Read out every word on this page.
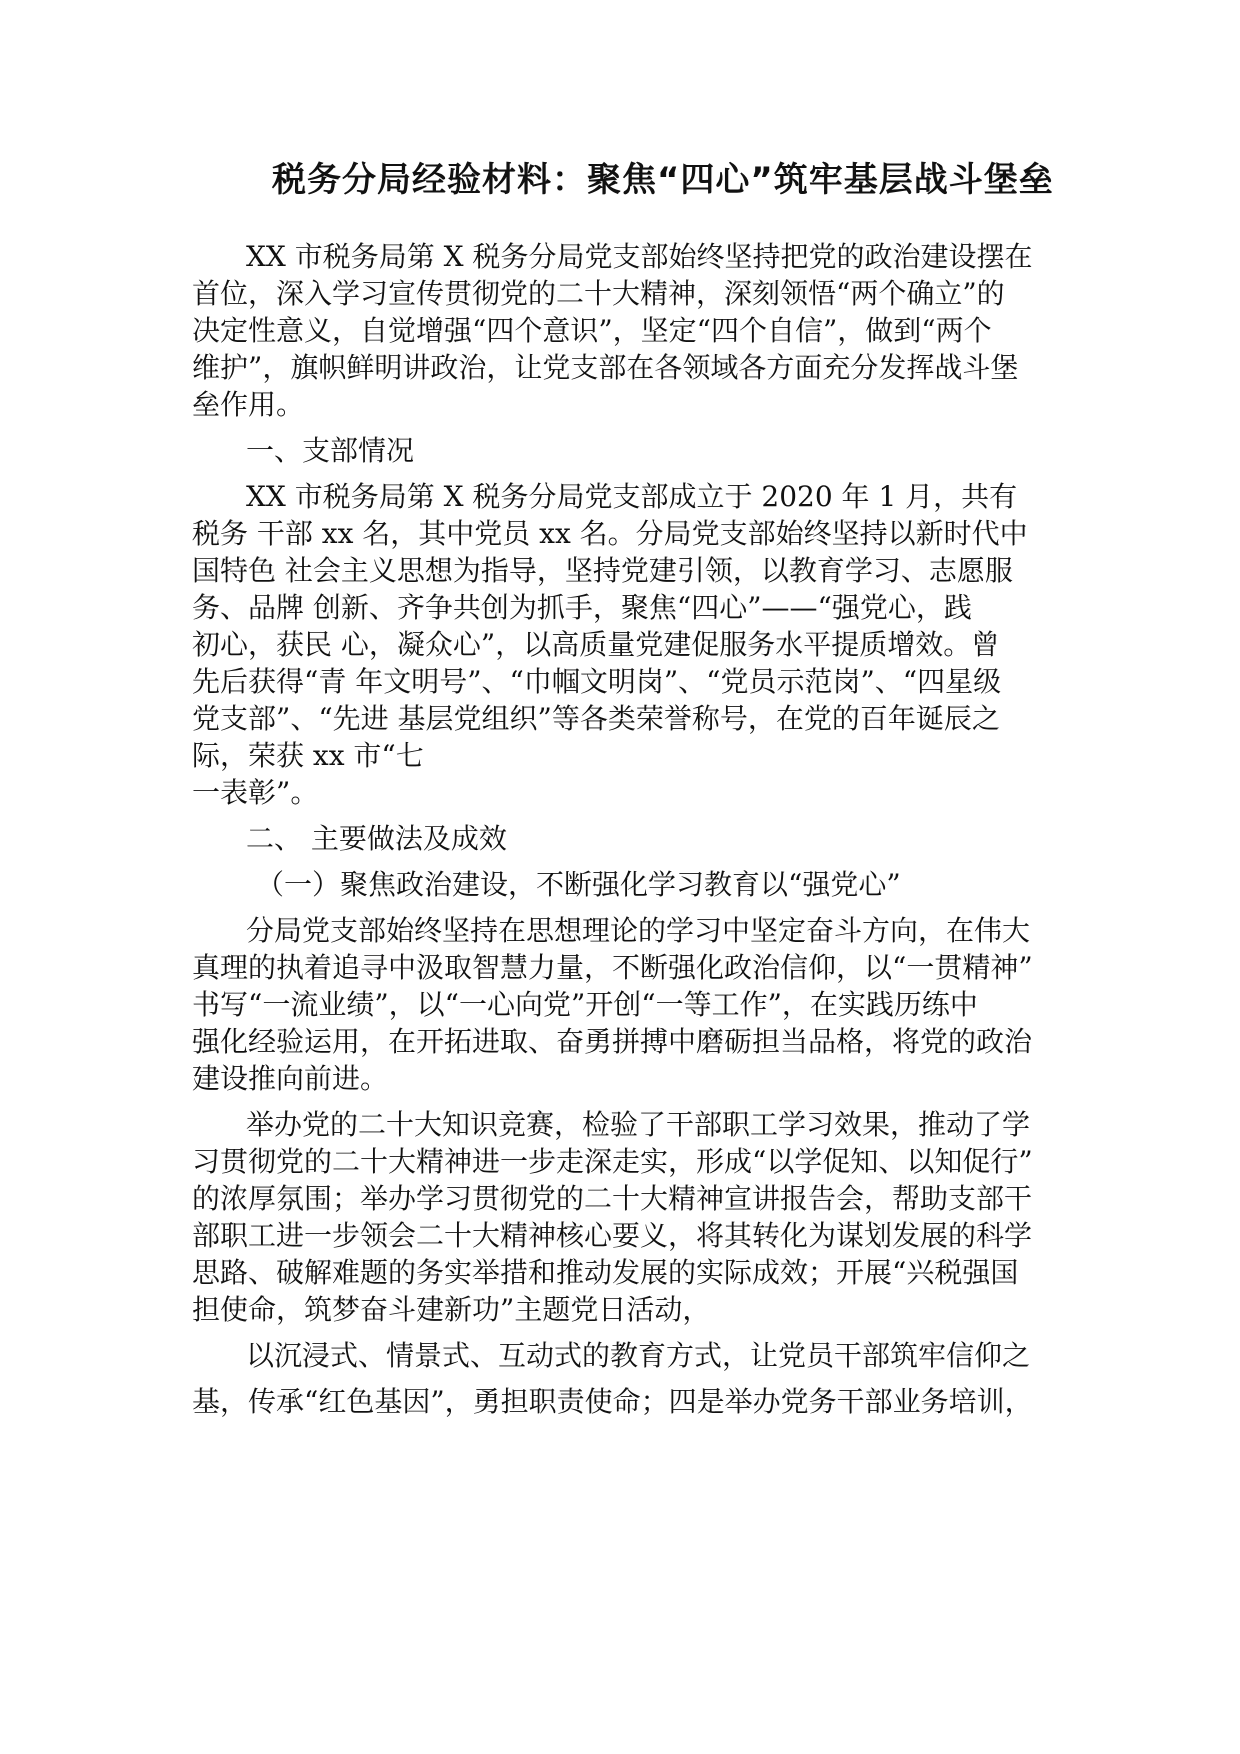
税务分局经验材料：聚焦“四心”筑牢基层战斗堡垒
XX 市税务局第 X 税务分局党支部始终坚持把党的政治建设摆在
首位，深入学习宣传贯彻党的二十大精神，深刻领悟“两个确立”的
决定性意义，自觉增强“四个意识”，坚定“四个自信”，做到“两个
维护”，旗帜鲜明讲政治，让党支部在各领域各方面充分发挥战斗堡
垒作用。
一、支部情况
XX 市税务局第 X 税务分局党支部成立于 2020 年 1 月，共有
税务 干部 xx 名，其中党员 xx 名。分局党支部始终坚持以新时代中
国特色 社会主义思想为指导，坚持党建引领，以教育学习、志愿服
务、品牌 创新、齐争共创为抓手，聚焦“四心”——“强党心，践
初心，获民 心，凝众心”，以高质量党建促服务水平提质增效。曾
先后获得“青 年文明号”、“巾帼文明岗”、“党员示范岗”、“四星级
党支部”、“先进 基层党组织”等各类荣誉称号，在党的百年诞辰之
际，荣获 xx 市“七
一表彰”。
二、 主要做法及成效
（一）聚焦政治建设，不断强化学习教育以“强党心”
分局党支部始终坚持在思想理论的学习中坚定奋斗方向，在伟大
真理的执着追寻中汲取智慧力量，不断强化政治信仰，以“一贯精神”
书写“一流业绩”，以“一心向党”开创“一等工作”，在实践历练中
强化经验运用，在开拓进取、奋勇拼搏中磨砺担当品格，将党的政治
建设推向前进。
举办党的二十大知识竞赛，检验了干部职工学习效果，推动了学
习贯彻党的二十大精神进一步走深走实，形成“以学促知、以知促行”
的浓厚氛围；举办学习贯彻党的二十大精神宣讲报告会，帮助支部干
部职工进一步领会二十大精神核心要义，将其转化为谋划发展的科学
思路、破解难题的务实举措和推动发展的实际成效；开展“兴税强国
担使命，筑梦奋斗建新功”主题党日活动，
以沉浸式、情景式、互动式的教育方式，让党员干部筑牢信仰之
基，传承“红色基因”，勇担职责使命；四是举办党务干部业务培训，
